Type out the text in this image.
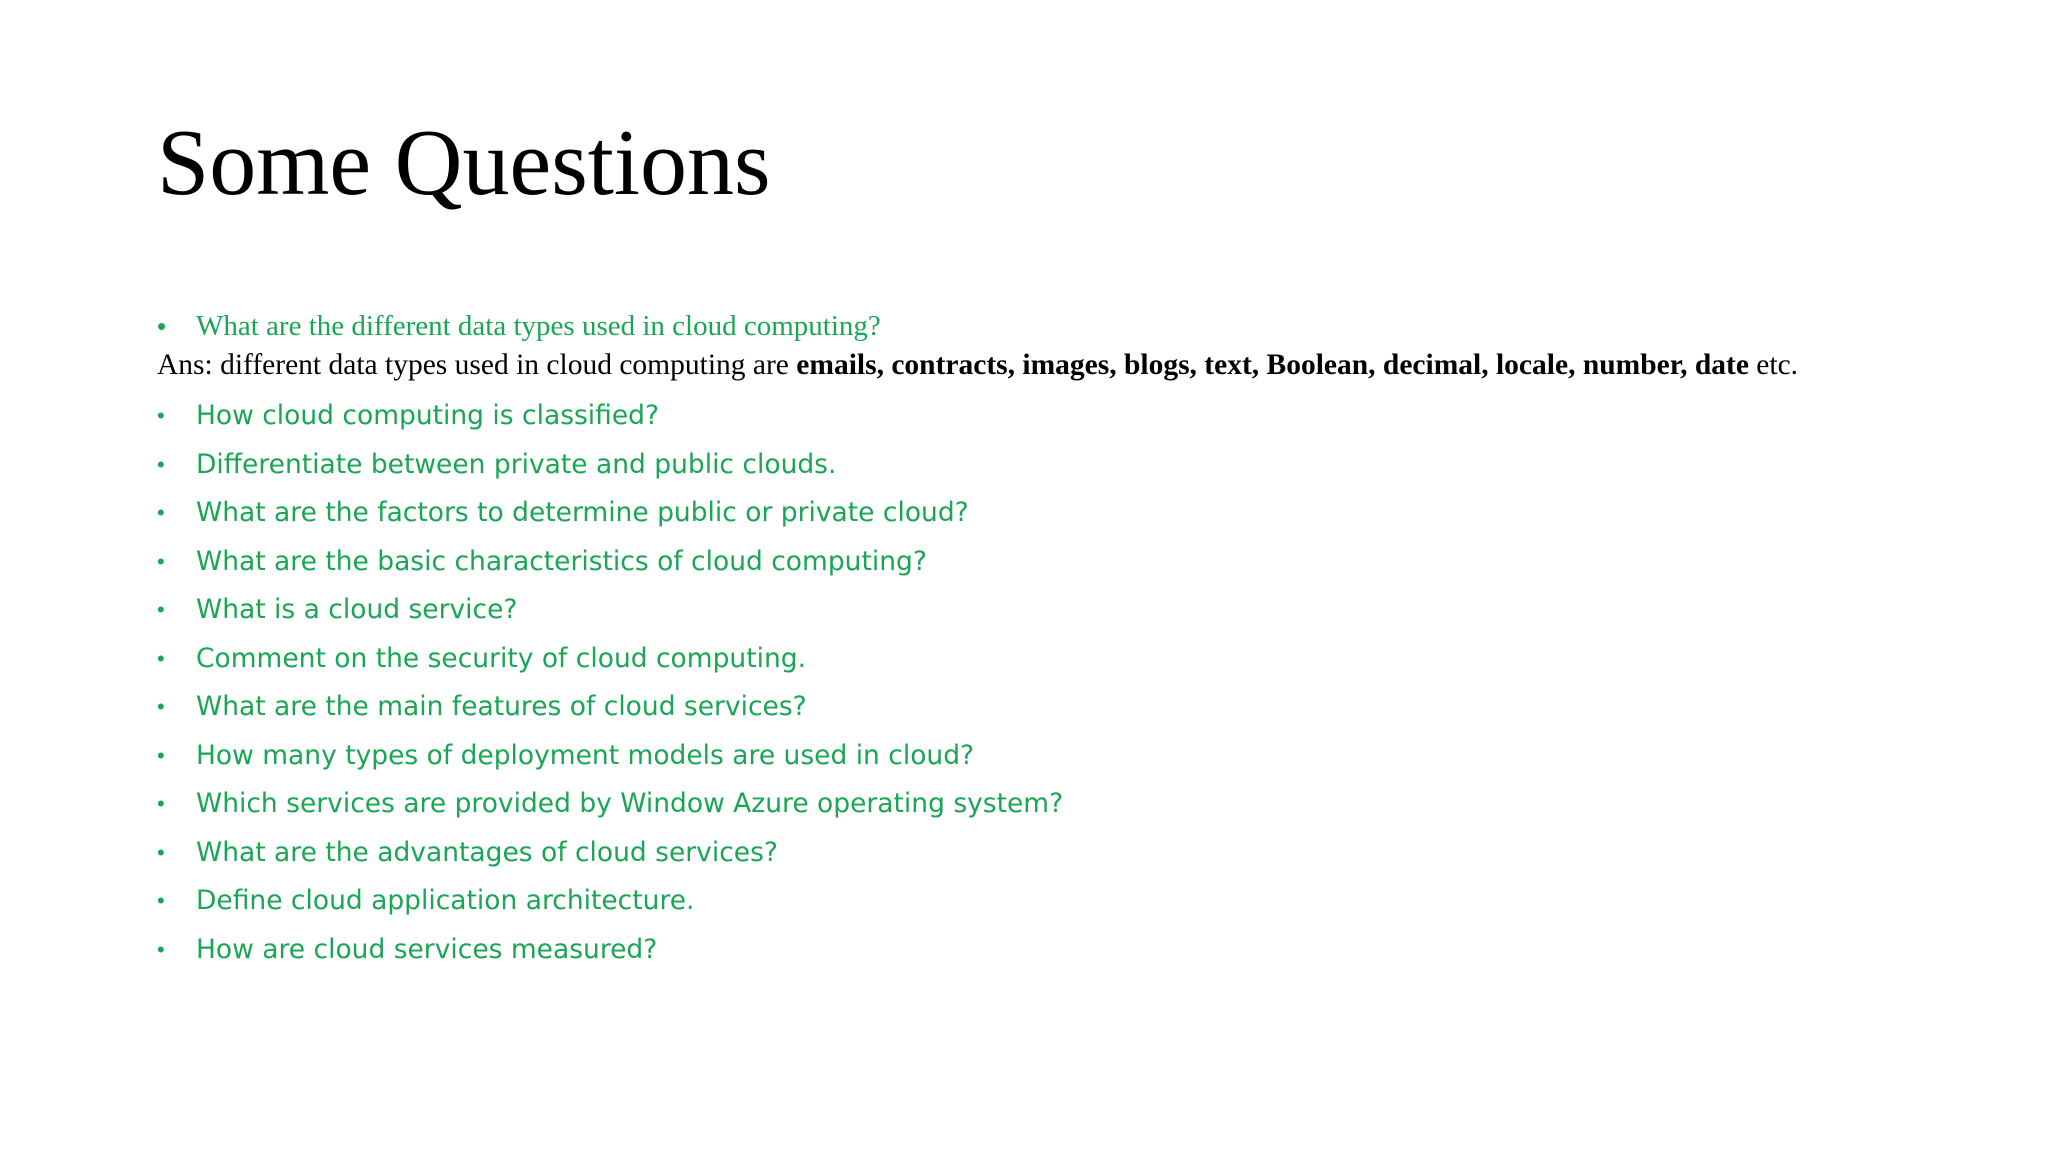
Some Questions
• What are the different data types used in cloud computing?
Ans: different data types used in cloud computing are emails, contracts, images, blogs, text, Boolean, decimal, locale, number, date etc.
• How cloud computing is classified?
• Differentiate between private and public clouds.
• What are the factors to determine public or private cloud?
• What are the basic characteristics of cloud computing?
• What is a cloud service?
• Comment on the security of cloud computing.
• What are the main features of cloud services?
• How many types of deployment models are used in cloud?
• Which services are provided by Window Azure operating system?
• What are the advantages of cloud services?
• Define cloud application architecture.
• How are cloud services measured?
